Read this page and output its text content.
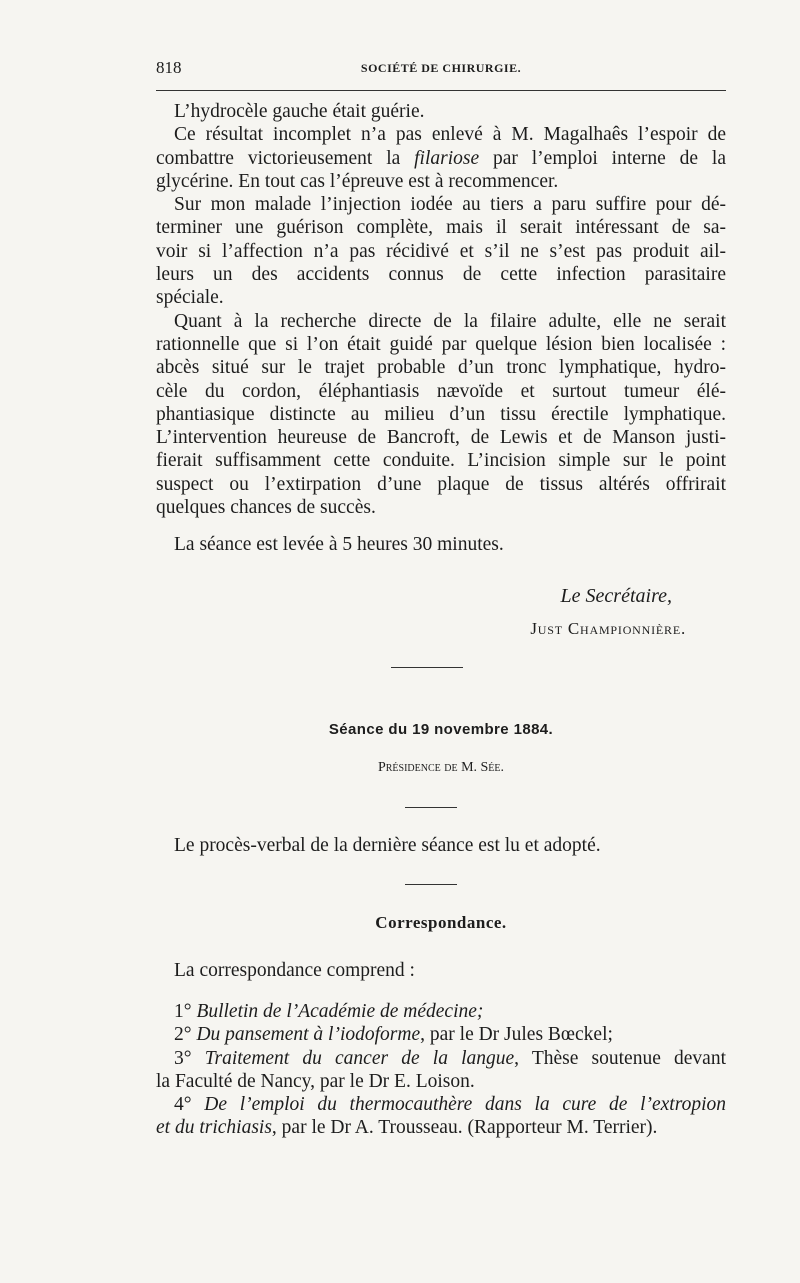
818	SOCIÉTÉ DE CHIRURGIE.
L’hydrocèle gauche était guérie.
Ce résultat incomplet n’a pas enlevé à M. Magalhaês l’espoir de
combattre victorieusement la filariose par l’emploi interne de la
glycérine. En tout cas l’épreuve est à recommencer.
Sur mon malade l’injection iodée au tiers a paru suffire pour dé-
terminer une guérison complète, mais il serait intéressant de sa-
voir si l’affection n’a pas récidivé et s’il ne s’est pas produit ail-
leurs un des accidents connus de cette infection parasitaire
spéciale.
Quant à la recherche directe de la filaire adulte, elle ne serait
rationnelle que si l’on était guidé par quelque lésion bien localisée :
abcès situé sur le trajet probable d’un tronc lymphatique, hydro-
cèle du cordon, éléphantiasis nævoïde et surtout tumeur élé-
phantiasique distincte au milieu d’un tissu érectile lymphatique.
L’intervention heureuse de Bancroft, de Lewis et de Manson justi-
fierait suffisamment cette conduite. L’incision simple sur le point
suspect ou l’extirpation d’une plaque de tissus altérés offrirait
quelques chances de succès.
La séance est levée à 5 heures 30 minutes.
Le Secrétaire,
Just Championnière.
Séance du 19 novembre 1884.
Présidence de M. Sée.
Le procès-verbal de la dernière séance est lu et adopté.
Correspondance.
La correspondance comprend :
1° Bulletin de l’Académie de médecine;
2° Du pansement à l’iodoforme, par le Dr Jules Bœckel;
3° Traitement du cancer de la langue, Thèse soutenue devant
la Faculté de Nancy, par le Dr E. Loison.
4° De l’emploi du thermocauthère dans la cure de l’extropion
et du trichiasis, par le Dr A. Trousseau. (Rapporteur M. Terrier).
